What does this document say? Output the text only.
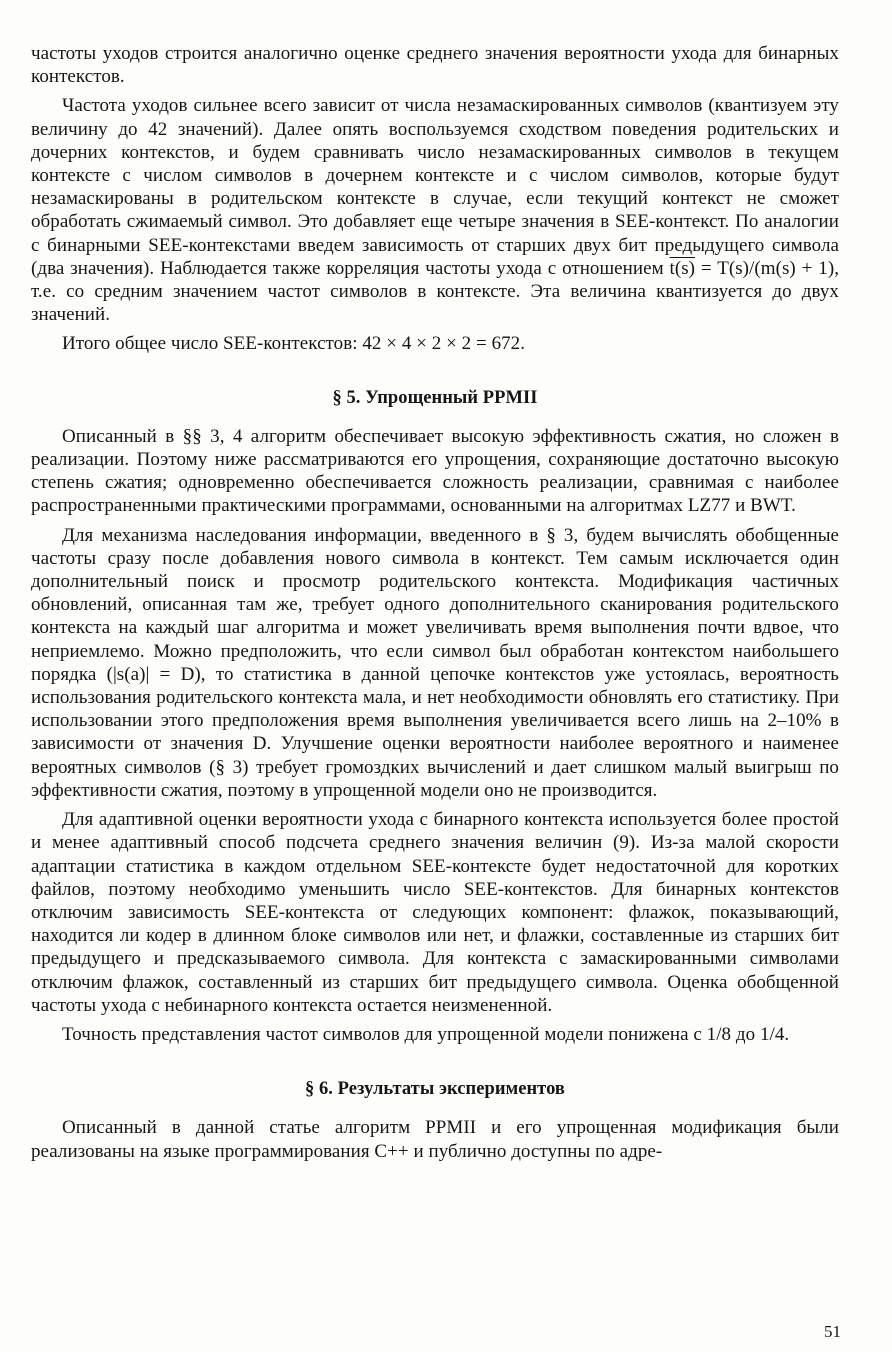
частоты уходов строится аналогично оценке среднего значения вероятности ухода для бинарных контекстов.

Частота уходов сильнее всего зависит от числа незамаскированных символов (квантизуем эту величину до 42 значений). Далее опять воспользуемся сходством поведения родительских и дочерних контекстов, и будем сравнивать число незамаскированных символов в текущем контексте с числом символов в дочернем контексте и с числом символов, которые будут незамаскированы в родительском контексте в случае, если текущий контекст не сможет обработать сжимаемый символ. Это добавляет еще четыре значения в SEE-контекст. По аналогии с бинарными SEE-контекстами введем зависимость от старших двух бит предыдущего символа (два значения). Наблюдается также корреляция частоты ухода с отношением t(s) = T(s)/(m(s) + 1), т.е. со средним значением частот символов в контексте. Эта величина квантизуется до двух значений.

Итого общее число SEE-контекстов: 42 × 4 × 2 × 2 = 672.

§ 5. Упрощенный PPMII

Описанный в §§ 3, 4 алгоритм обеспечивает высокую эффективность сжатия, но сложен в реализации. Поэтому ниже рассматриваются его упрощения, сохраняющие достаточно высокую степень сжатия; одновременно обеспечивается сложность реализации, сравнимая с наиболее распространенными практическими программами, основанными на алгоритмах LZ77 и BWT.

Для механизма наследования информации, введенного в § 3, будем вычислять обобщенные частоты сразу после добавления нового символа в контекст. Тем самым исключается один дополнительный поиск и просмотр родительского контекста. Модификация частичных обновлений, описанная там же, требует одного дополнительного сканирования родительского контекста на каждый шаг алгоритма и может увеличивать время выполнения почти вдвое, что неприемлемо. Можно предположить, что если символ был обработан контекстом наибольшего порядка (|s(a)| = D), то статистика в данной цепочке контекстов уже устоялась, вероятность использования родительского контекста мала, и нет необходимости обновлять его статистику. При использовании этого предположения время выполнения увеличивается всего лишь на 2–10% в зависимости от значения D. Улучшение оценки вероятности наиболее вероятного и наименее вероятных символов (§ 3) требует громоздких вычислений и дает слишком малый выигрыш по эффективности сжатия, поэтому в упрощенной модели оно не производится.

Для адаптивной оценки вероятности ухода с бинарного контекста используется более простой и менее адаптивный способ подсчета среднего значения величин (9). Из-за малой скорости адаптации статистика в каждом отдельном SEE-контексте будет недостаточной для коротких файлов, поэтому необходимо уменьшить число SEE-контекстов. Для бинарных контекстов отключим зависимость SEE-контекста от следующих компонент: флажок, показывающий, находится ли кодер в длинном блоке символов или нет, и флажки, составленные из старших бит предыдущего и предсказываемого символа. Для контекста с замаскированными символами отключим флажок, составленный из старших бит предыдущего символа. Оценка обобщенной частоты ухода с небинарного контекста остается неизмененной.

Точность представления частот символов для упрощенной модели понижена с 1/8 до 1/4.

§ 6. Результаты экспериментов

Описанный в данной статье алгоритм PPMII и его упрощенная модификация были реализованы на языке программирования C++ и публично доступны по адре-

51
